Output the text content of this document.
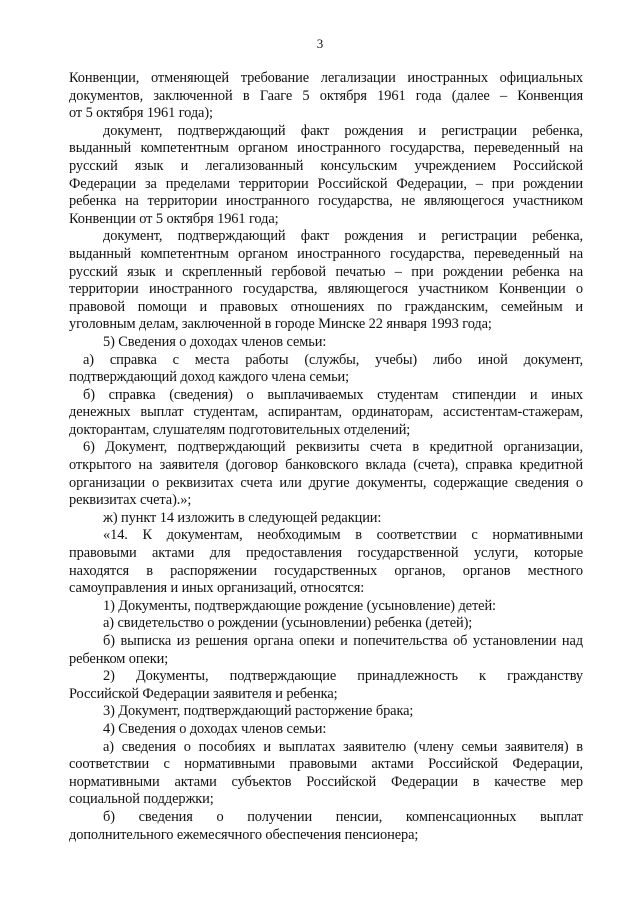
3
Конвенции, отменяющей требование легализации иностранных официальных
документов, заключенной в Гааге 5 октября 1961 года (далее – Конвенция
от 5 октября 1961 года);
документ, подтверждающий факт рождения и регистрации ребенка,
выданный компетентным органом иностранного государства, переведенный на
русский язык и легализованный консульским учреждением Российской
Федерации за пределами территории Российской Федерации, – при рождении
ребенка на территории иностранного государства, не являющегося участником
Конвенции от 5 октября 1961 года;
документ, подтверждающий факт рождения и регистрации ребенка,
выданный компетентным органом иностранного государства, переведенный на
русский язык и скрепленный гербовой печатью – при рождении ребенка на
территории иностранного государства, являющегося участником Конвенции о
правовой помощи и правовых отношениях по гражданским, семейным и
уголовным делам, заключенной в городе Минске 22 января 1993 года;
5) Сведения о доходах членов семьи:
а) справка с места работы (службы, учебы) либо иной документ,
подтверждающий доход каждого члена семьи;
б) справка (сведения) о выплачиваемых студентам стипендии и иных
денежных выплат студентам, аспирантам, ординаторам, ассистентам-стажерам,
докторантам, слушателям подготовительных отделений;
6) Документ, подтверждающий реквизиты счета в кредитной организации,
открытого на заявителя (договор банковского вклада (счета), справка кредитной
организации о реквизитах счета или другие документы, содержащие сведения о
реквизитах счета).»;
ж) пункт 14 изложить в следующей редакции:
«14. К документам, необходимым в соответствии с нормативными
правовыми актами для предоставления государственной услуги, которые
находятся в распоряжении государственных органов, органов местного
самоуправления и иных организаций, относятся:
1) Документы, подтверждающие рождение (усыновление) детей:
а) свидетельство о рождении (усыновлении) ребенка (детей);
б) выписка из решения органа опеки и попечительства об установлении над
ребенком опеки;
2) Документы, подтверждающие принадлежность к гражданству
Российской Федерации заявителя и ребенка;
3) Документ, подтверждающий расторжение брака;
4) Сведения о доходах членов семьи:
а) сведения о пособиях и выплатах заявителю (члену семьи заявителя) в
соответствии с нормативными правовыми актами Российской Федерации,
нормативными актами субъектов Российской Федерации в качестве мер
социальной поддержки;
б) сведения о получении пенсии, компенсационных выплат
дополнительного ежемесячного обеспечения пенсионера;
